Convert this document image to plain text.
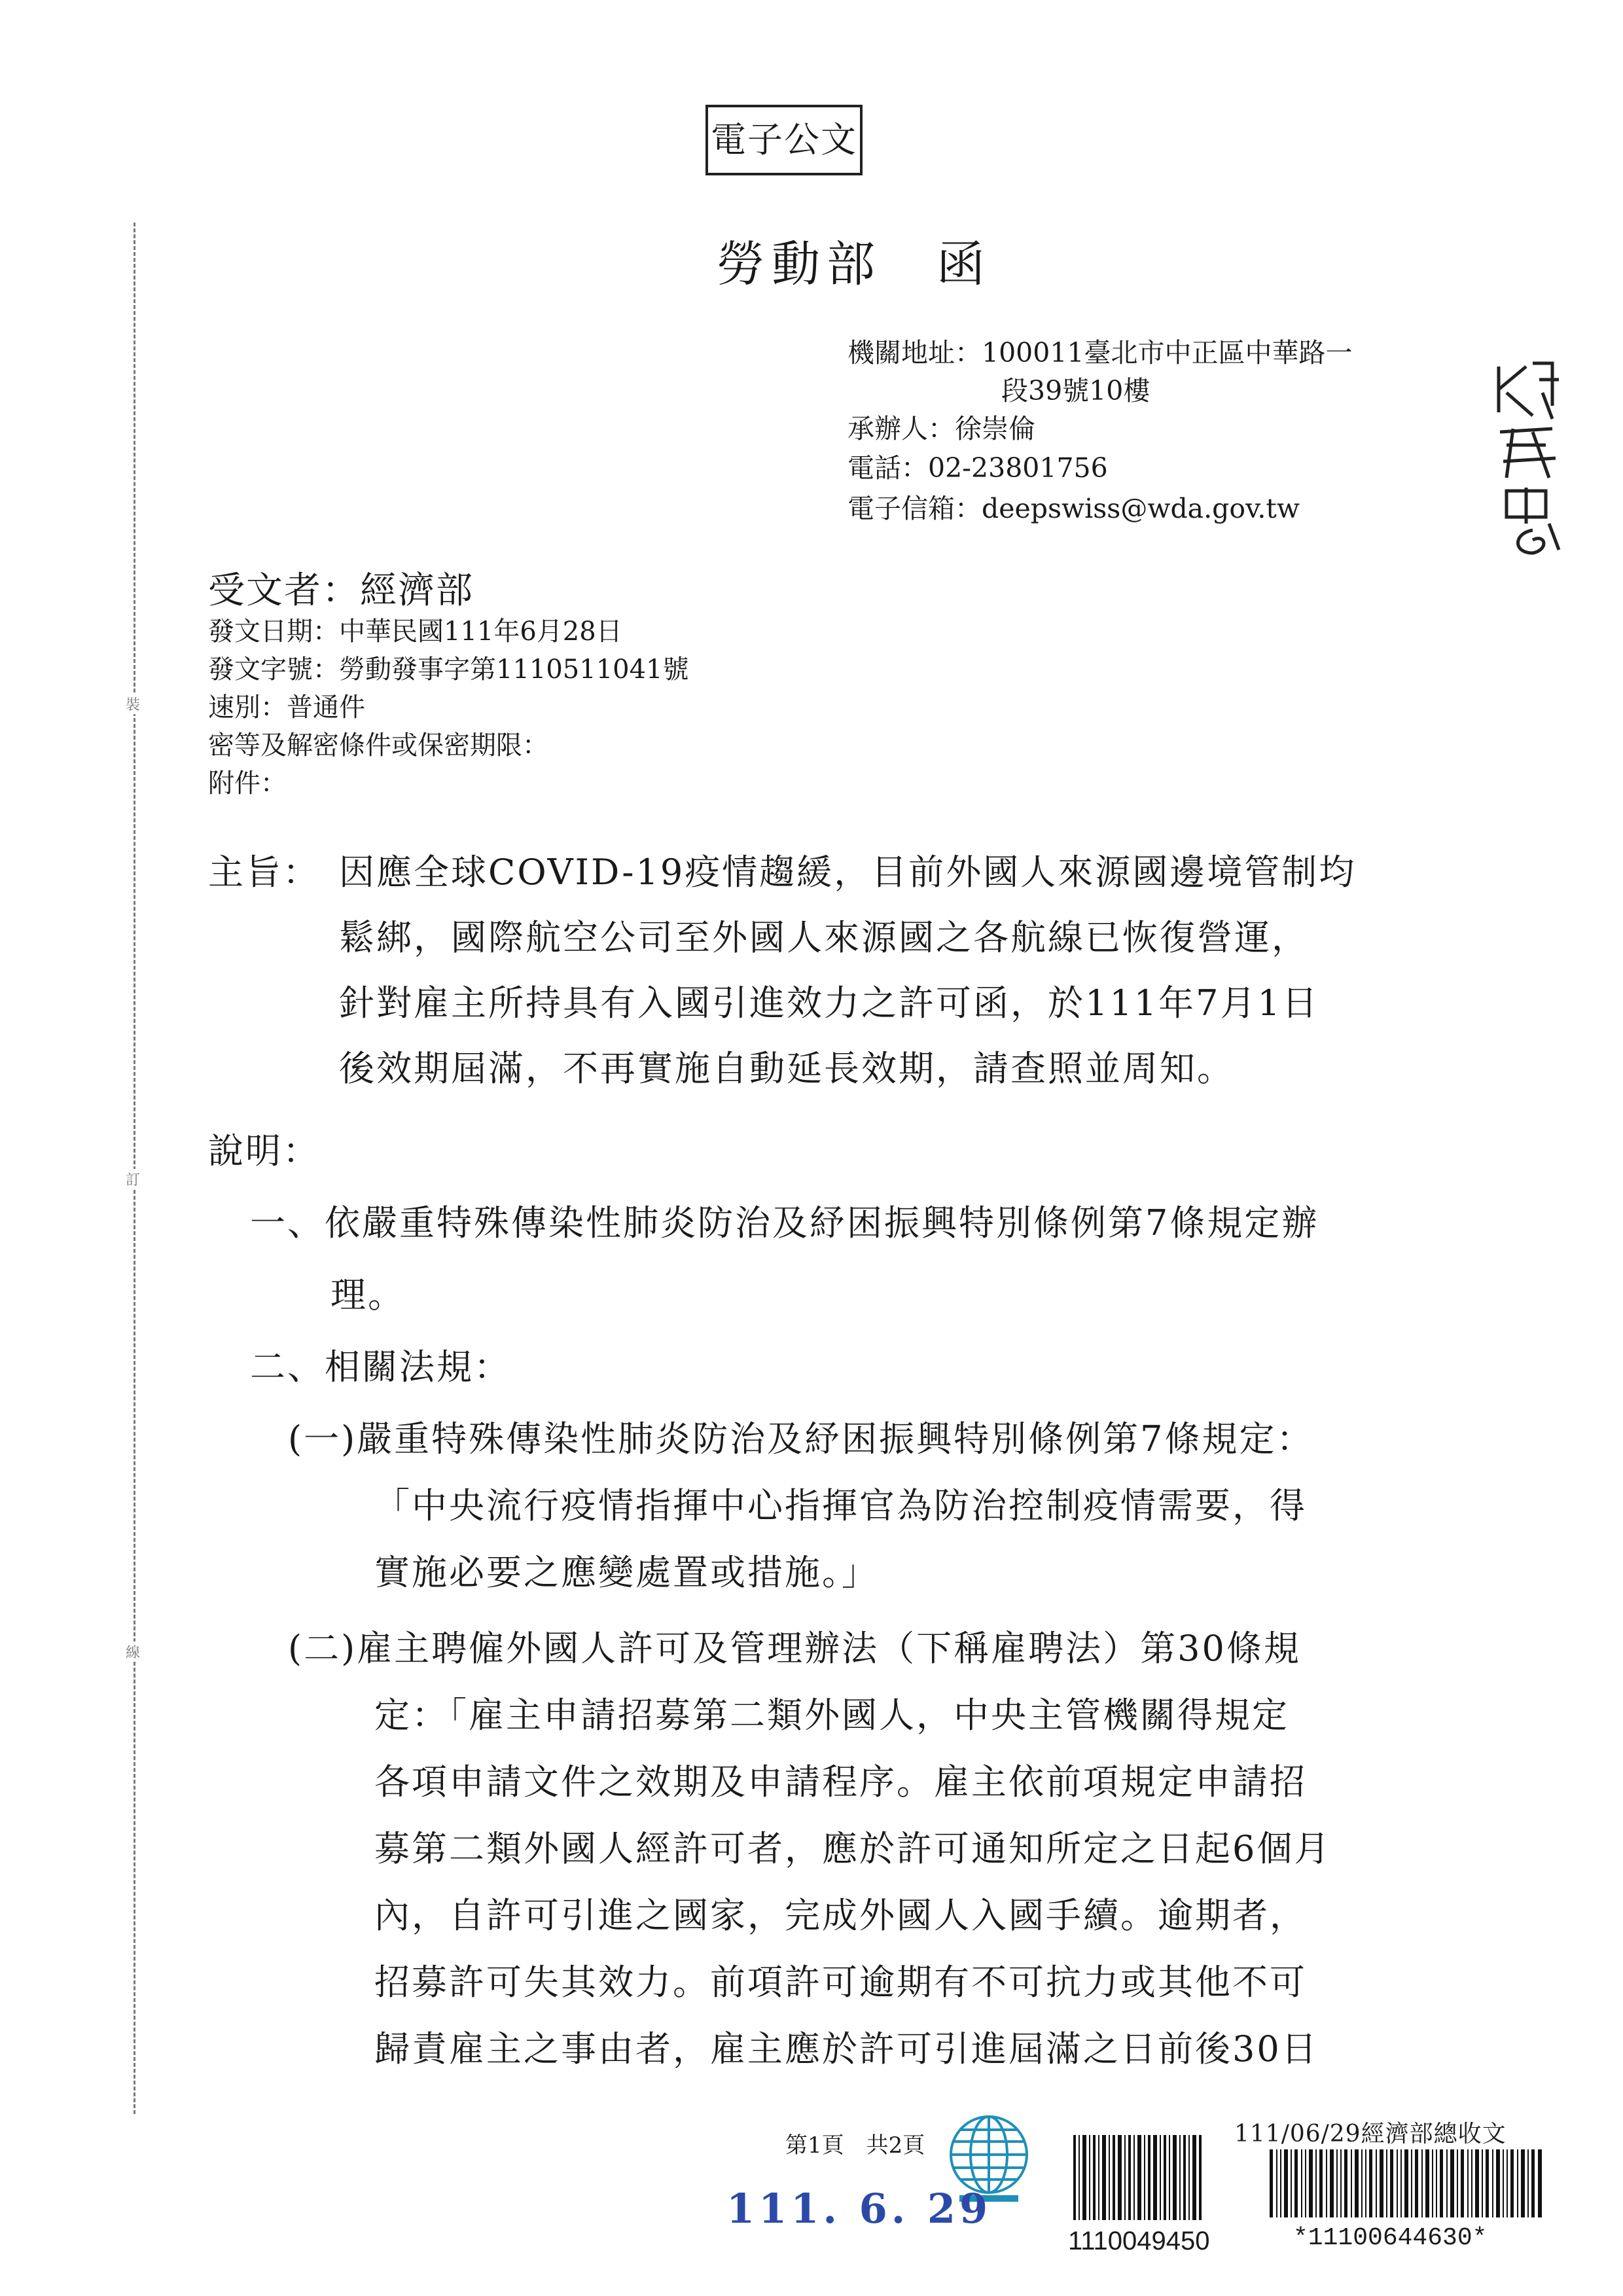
裝
訂
線
電子公文
勞動部　函
機關地址：100011臺北市中正區中華路一
段39號10樓
承辦人：徐崇倫
電話：02-23801756
電子信箱：deepswiss@wda.gov.tw
受文者：經濟部
發文日期：中華民國111年6月28日
發文字號：勞動發事字第1110511041號
速別：普通件
密等及解密條件或保密期限：
附件：
主旨： 因應全球COVID-19疫情趨緩，目前外國人來源國邊境管制均
鬆綁，國際航空公司至外國人來源國之各航線已恢復營運，
針對雇主所持具有入國引進效力之許可函，於111年7月1日
後效期屆滿，不再實施自動延長效期，請查照並周知。
說明：
一、依嚴重特殊傳染性肺炎防治及紓困振興特別條例第7條規定辦
理。
二、相關法規：
(一)嚴重特殊傳染性肺炎防治及紓困振興特別條例第7條規定：
「中央流行疫情指揮中心指揮官為防治控制疫情需要，得
實施必要之應變處置或措施。」
(二)雇主聘僱外國人許可及管理辦法（下稱雇聘法）第30條規
定：「雇主申請招募第二類外國人，中央主管機關得規定
各項申請文件之效期及申請程序。雇主依前項規定申請招
募第二類外國人經許可者，應於許可通知所定之日起6個月
內，自許可引進之國家，完成外國人入國手續。逾期者，
招募許可失其效力。前項許可逾期有不可抗力或其他不可
歸責雇主之事由者，雇主應於許可引進屆滿之日前後30日
第1頁　共2頁
111. 6. 29
1110049450
111/06/29經濟部總收文
*11100644630*
